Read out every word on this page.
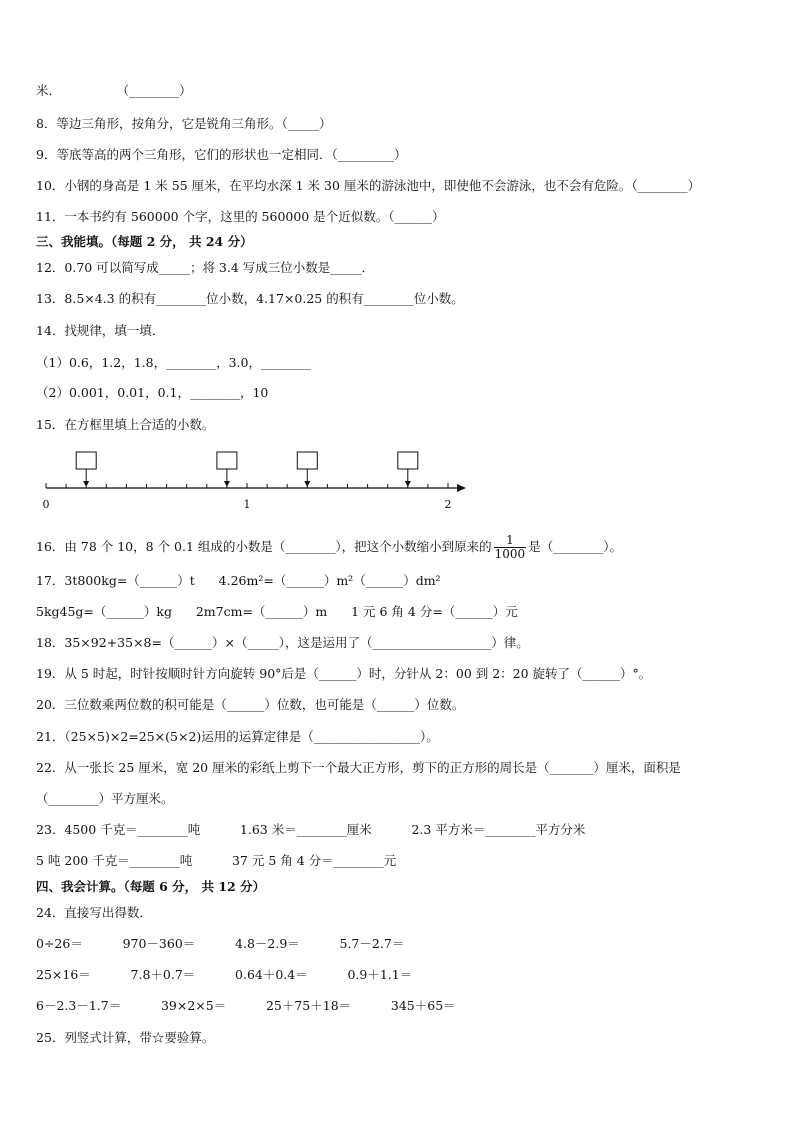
米．              （________）
8．等边三角形，按角分，它是锐角三角形。（_____）
9．等底等高的两个三角形，它们的形状也一定相同．（_________）
10．小钢的身高是 1 米 55 厘米，在平均水深 1 米 30 厘米的游泳池中，即使他不会游泳，也不会有危险。（________）
11．一本书约有 560000 个字，这里的 560000 是个近似数。（______）
三、我能填。（每题 2 分， 共 24 分）
12．0.70 可以简写成_____；将 3.4 写成三位小数是_____．
13．8.5×4.3 的积有________位小数，4.17×0.25 的积有________位小数。
14．找规律，填一填．
（1）0.6，1.2，1.8，________，3.0，________
（2）0.001，0.01，0.1，________，10
15．在方框里填上合适的小数。
0	1	2
16．由 78 个 10，8 个 0.1 组成的小数是（________），把这个小数缩小到原来的 $\frac{1}{1000}$ 是（________）。
17．3t800kg=（______）t      4.26m²=（______）m²（______）dm²
5kg45g=（______）kg      2m7cm=（______）m      1 元 6 角 4 分=（______）元
18．35×92+35×8=（______）×（_____），这是运用了（___________________）律。
19．从 5 时起，时针按顺时针方向旋转 90°后是（______）时，分针从 2：00 到 2：20 旋转了（______）°。
20．三位数乘两位数的积可能是（______）位数，也可能是（______）位数。
21．（25×5)×2=25×(5×2)运用的运算定律是（_________________）。
22．从一张长 25 厘米，宽 20 厘米的彩纸上剪下一个最大正方形，剪下的正方形的周长是（_______）厘米，面积是
（________）平方厘米。
23．4500 千克＝________吨          1.63 米＝________厘米          2.3 平方米＝________平方分米
5 吨 200 千克＝________吨          37 元 5 角 4 分＝________元
四、我会计算。（每题 6 分， 共 12 分）
24．直接写出得数．
0÷26＝          970－360＝          4.8－2.9＝          5.7－2.7＝
25×16＝          7.8＋0.7＝          0.64＋0.4＝          0.9＋1.1＝
6－2.3－1.7＝          39×2×5＝          25＋75＋18＝          345＋65＝
25．列竖式计算，带☆要验算。
